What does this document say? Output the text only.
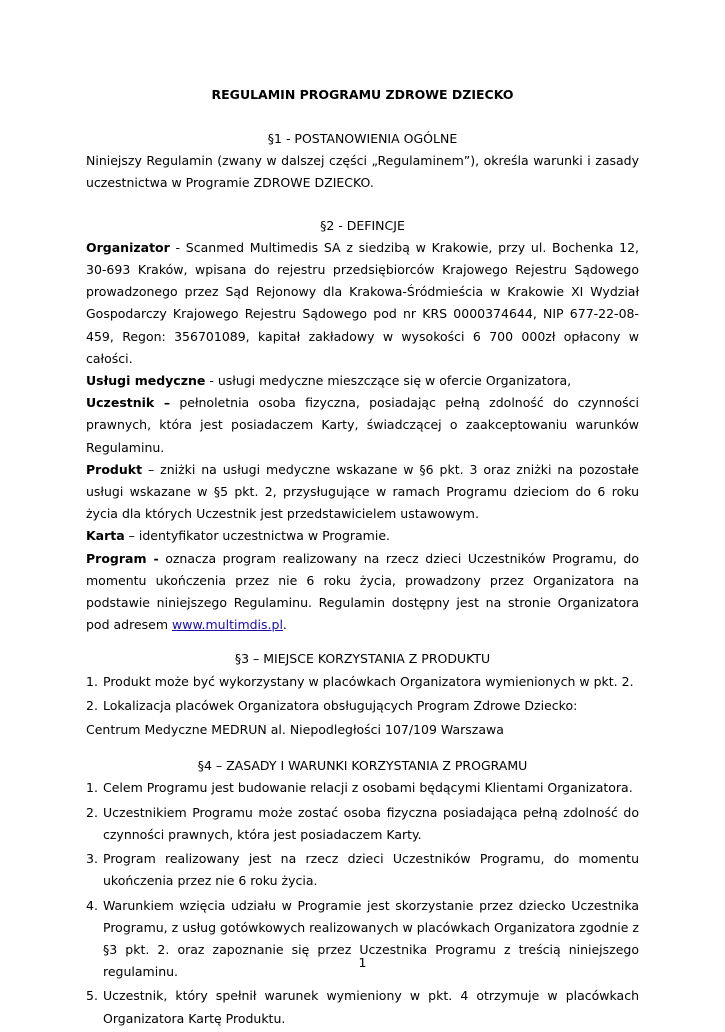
REGULAMIN PROGRAMU ZDROWE DZIECKO

§1 - POSTANOWIENIA OGÓLNE

Niniejszy Regulamin (zwany w dalszej części „Regulaminem”), określa warunki i zasady uczestnictwa w Programie ZDROWE DZIECKO.

§2 - DEFINCJE

Organizator - Scanmed Multimedis SA z siedzibą w Krakowie, przy ul. Bochenka 12, 30-693 Kraków, wpisana do rejestru przedsiębiorców Krajowego Rejestru Sądowego prowadzonego przez Sąd Rejonowy dla Krakowa-Śródmieścia w Krakowie XI Wydział Gospodarczy Krajowego Rejestru Sądowego pod nr KRS 0000374644, NIP 677-22-08-459, Regon: 356701089, kapitał zakładowy w wysokości 6 700 000zł opłacony w całości.

Usługi medyczne - usługi medyczne mieszczące się w ofercie Organizatora,

Uczestnik – pełnoletnia osoba fizyczna, posiadając pełną zdolność do czynności prawnych, która jest posiadaczem Karty, świadczącej o zaakceptowaniu warunków Regulaminu.

Produkt – zniżki na usługi medyczne wskazane w §6 pkt. 3 oraz zniżki na pozostałe usługi wskazane w §5 pkt. 2, przysługujące w ramach Programu dzieciom do 6 roku życia dla których Uczestnik jest przedstawicielem ustawowym.

Karta – identyfikator uczestnictwa w Programie.

Program - oznacza program realizowany na rzecz dzieci Uczestników Programu, do momentu ukończenia przez nie 6 roku życia, prowadzony przez Organizatora na podstawie niniejszego Regulaminu. Regulamin dostępny jest na stronie Organizatora pod adresem www.multimdis.pl.

§3 – MIEJSCE KORZYSTANIA Z PRODUKTU

1. Produkt może być wykorzystany w placówkach Organizatora wymienionych w pkt. 2.
2. Lokalizacja placówek Organizatora obsługujących Program Zdrowe Dziecko:

Centrum Medyczne MEDRUN al. Niepodległości 107/109 Warszawa

§4 – ZASADY I WARUNKI KORZYSTANIA Z PROGRAMU

1. Celem Programu jest budowanie relacji z osobami będącymi Klientami Organizatora.
2. Uczestnikiem Programu może zostać osoba fizyczna posiadająca pełną zdolność do czynności prawnych, która jest posiadaczem Karty.
3. Program realizowany jest na rzecz dzieci Uczestników Programu, do momentu ukończenia przez nie 6 roku życia.
4. Warunkiem wzięcia udziału w Programie jest skorzystanie przez dziecko Uczestnika Programu, z usług gotówkowych realizowanych w placówkach Organizatora zgodnie z §3 pkt. 2. oraz zapoznanie się przez Uczestnika Programu z treścią niniejszego regulaminu.
5. Uczestnik, który spełnił warunek wymieniony w pkt. 4 otrzymuje w placówkach Organizatora Kartę Produktu.
1
